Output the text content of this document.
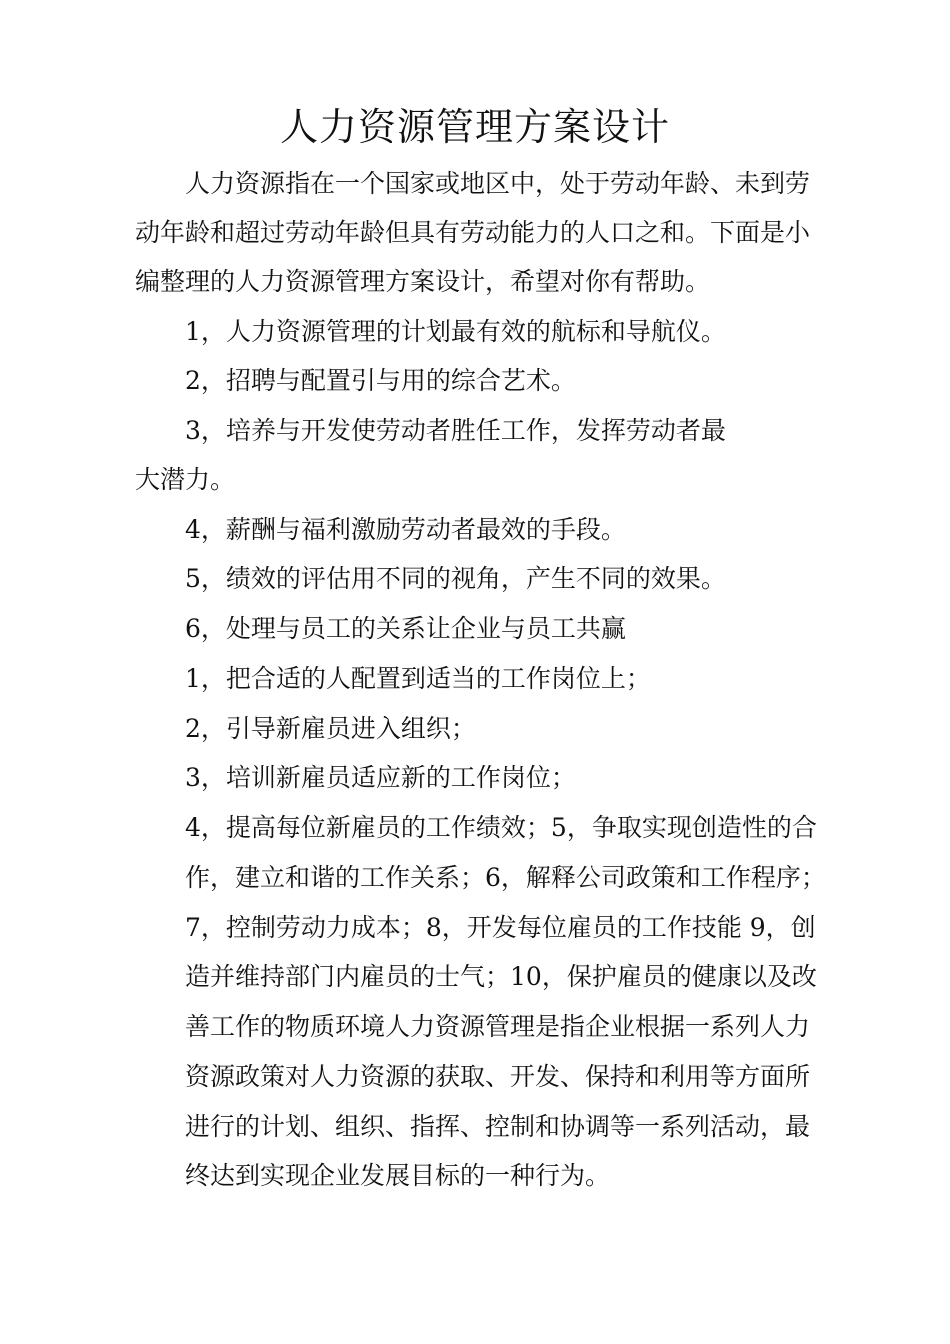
人力资源管理方案设计
人力资源指在一个国家或地区中，处于劳动年龄、未到劳
动年龄和超过劳动年龄但具有劳动能力的人口之和。下面是小
编整理的人力资源管理方案设计，希望对你有帮助。
1，人力资源管理的计划最有效的航标和导航仪。
2，招聘与配置引与用的综合艺术。
3，培养与开发使劳动者胜任工作，发挥劳动者最
大潜力。
4，薪酬与福利激励劳动者最效的手段。
5，绩效的评估用不同的视角，产生不同的效果。
6，处理与员工的关系让企业与员工共赢
1，把合适的人配置到适当的工作岗位上；
2，引导新雇员进入组织；
3，培训新雇员适应新的工作岗位；
4，提高每位新雇员的工作绩效；5，争取实现创造性的合
作，建立和谐的工作关系；6，解释公司政策和工作程序；
7，控制劳动力成本；8，开发每位雇员的工作技能 9，创
造并维持部门内雇员的士气；10，保护雇员的健康以及改
善工作的物质环境人力资源管理是指企业根据一系列人力
资源政策对人力资源的获取、开发、保持和利用等方面所
进行的计划、组织、指挥、控制和协调等一系列活动，最
终达到实现企业发展目标的一种行为。
